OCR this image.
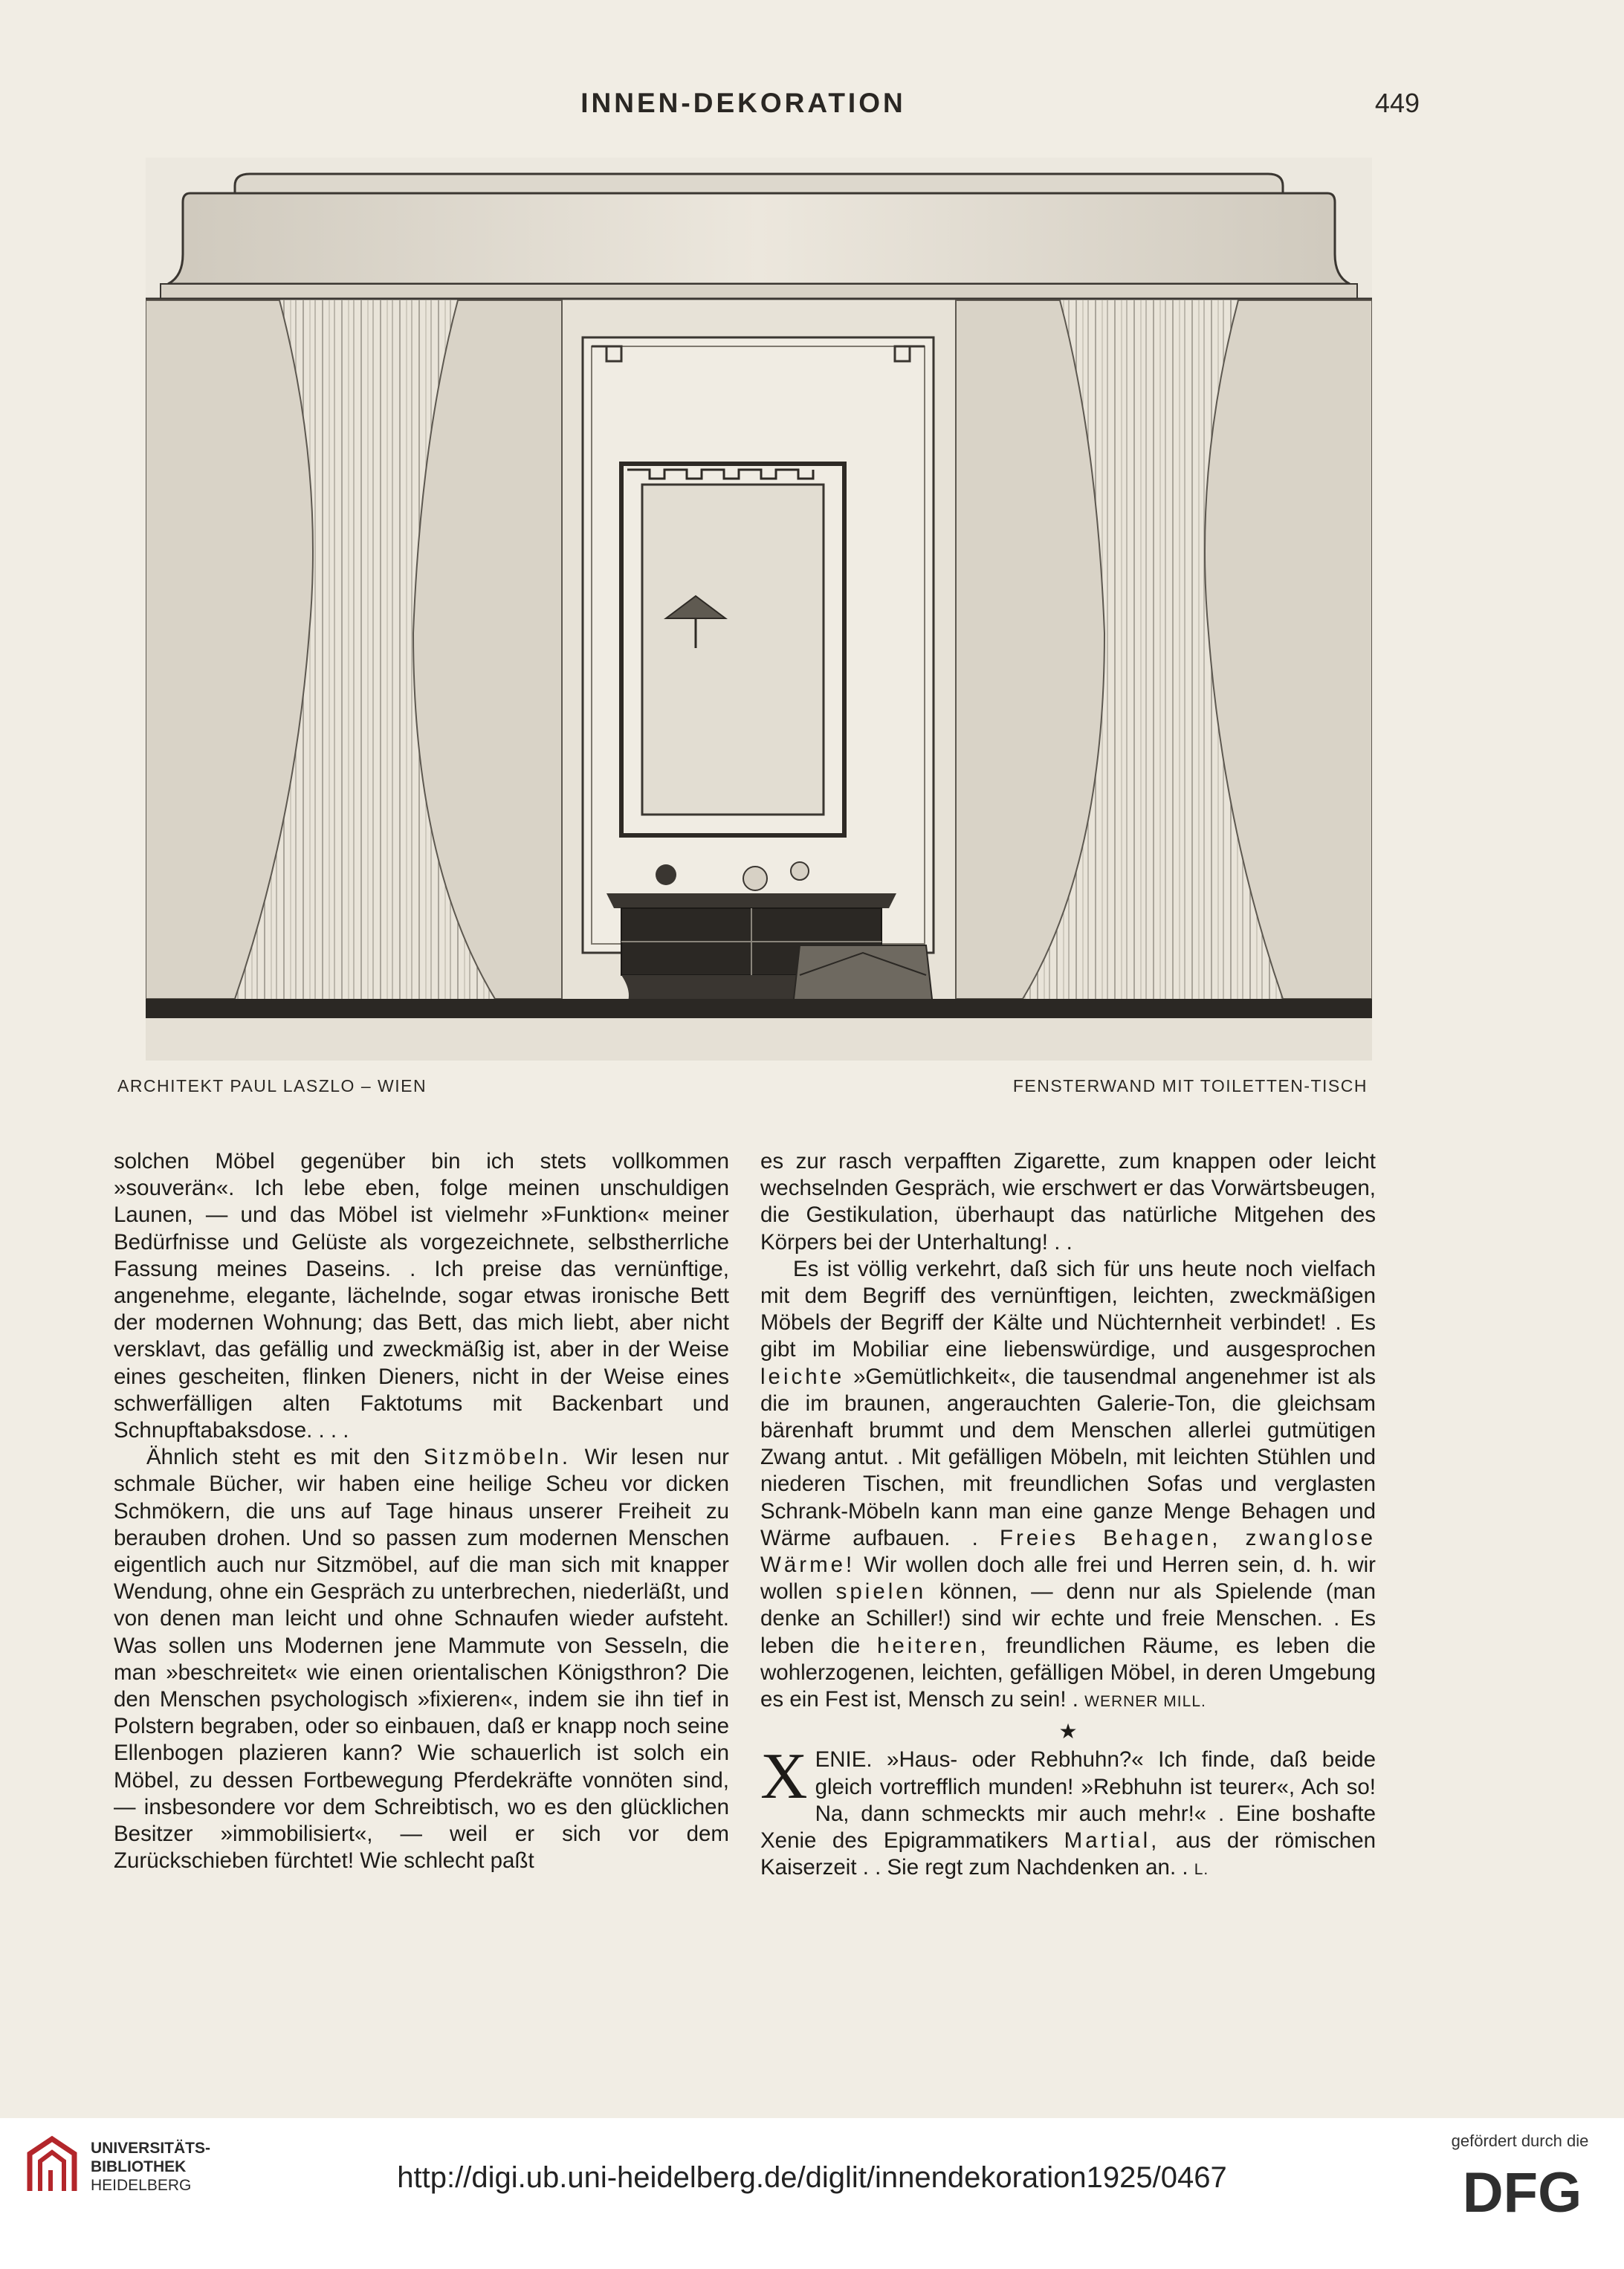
INNEN-DEKORATION	449
ARCHITEKT PAUL LASZLO – WIEN	FENSTERWAND MIT TOILETTEN-TISCH

solchen Möbel gegenüber bin ich stets vollkommen »souverän«. Ich lebe eben, folge meinen unschuldigen Launen, — und das Möbel ist vielmehr »Funktion« meiner Bedürfnisse und Gelüste als vorgezeichnete, selbstherrliche Fassung meines Daseins. . Ich preise das vernünftige, angenehme, elegante, lächelnde, sogar etwas ironische Bett der modernen Wohnung; das Bett, das mich liebt, aber nicht versklavt, das gefällig und zweckmäßig ist, aber in der Weise eines gescheiten, flinken Dieners, nicht in der Weise eines schwerfälligen alten Faktotums mit Backenbart und Schnupftabaksdose. . . .

Ähnlich steht es mit den Sitzmöbeln. Wir lesen nur schmale Bücher, wir haben eine heilige Scheu vor dicken Schmökern, die uns auf Tage hinaus unserer Freiheit zu berauben drohen. Und so passen zum modernen Menschen eigentlich auch nur Sitzmöbel, auf die man sich mit knapper Wendung, ohne ein Gespräch zu unterbrechen, niederläßt, und von denen man leicht und ohne Schnaufen wieder aufsteht. Was sollen uns Modernen jene Mammute von Sesseln, die man »beschreitet« wie einen orientalischen Königsthron? Die den Menschen psychologisch »fixieren«, indem sie ihn tief in Polstern begraben, oder so einbauen, daß er knapp noch seine Ellenbogen plazieren kann? Wie schauerlich ist solch ein Möbel, zu dessen Fortbewegung Pferdekräfte vonnöten sind, — insbesondere vor dem Schreibtisch, wo es den glücklichen Besitzer »immobilisiert«, — weil er sich vor dem Zurückschieben fürchtet! Wie schlecht paßt

es zur rasch verpafften Zigarette, zum knappen oder leicht wechselnden Gespräch, wie erschwert er das Vorwärtsbeugen, die Gestikulation, überhaupt das natürliche Mitgehen des Körpers bei der Unterhaltung! . .

Es ist völlig verkehrt, daß sich für uns heute noch vielfach mit dem Begriff des vernünftigen, leichten, zweckmäßigen Möbels der Begriff der Kälte und Nüchternheit verbindet! . Es gibt im Mobiliar eine liebenswürdige, und ausgesprochen leichte »Gemütlichkeit«, die tausendmal angenehmer ist als die im braunen, angerauchten Galerie-Ton, die gleichsam bärenhaft brummt und dem Menschen allerlei gutmütigen Zwang antut. . Mit gefälligen Möbeln, mit leichten Stühlen und niederen Tischen, mit freundlichen Sofas und verglasten Schrank-Möbeln kann man eine ganze Menge Behagen und Wärme aufbauen. . Freies Behagen, zwanglose Wärme! Wir wollen doch alle frei und Herren sein, d. h. wir wollen spielen können, — denn nur als Spielende (man denke an Schiller!) sind wir echte und freie Menschen. . Es leben die heiteren, freundlichen Räume, es leben die wohlerzogenen, leichten, gefälligen Möbel, in deren Umgebung es ein Fest ist, Mensch zu sein! . WERNER MILL.

★

XENIE. »Haus- oder Rebhuhn?« Ich finde, daß beide gleich vortrefflich munden! »Rebhuhn ist teurer«, Ach so! Na, dann schmeckts mir auch mehr!« . Eine boshafte Xenie des Epigrammatikers Martial, aus der römischen Kaiserzeit . . Sie regt zum Nachdenken an. . L.

UNIVERSITÄTS-
BIBLIOTHEK
HEIDELBERG	http://digi.ub.uni-heidelberg.de/diglit/innendekoration1925/0467
gefördert durch die
DFG
